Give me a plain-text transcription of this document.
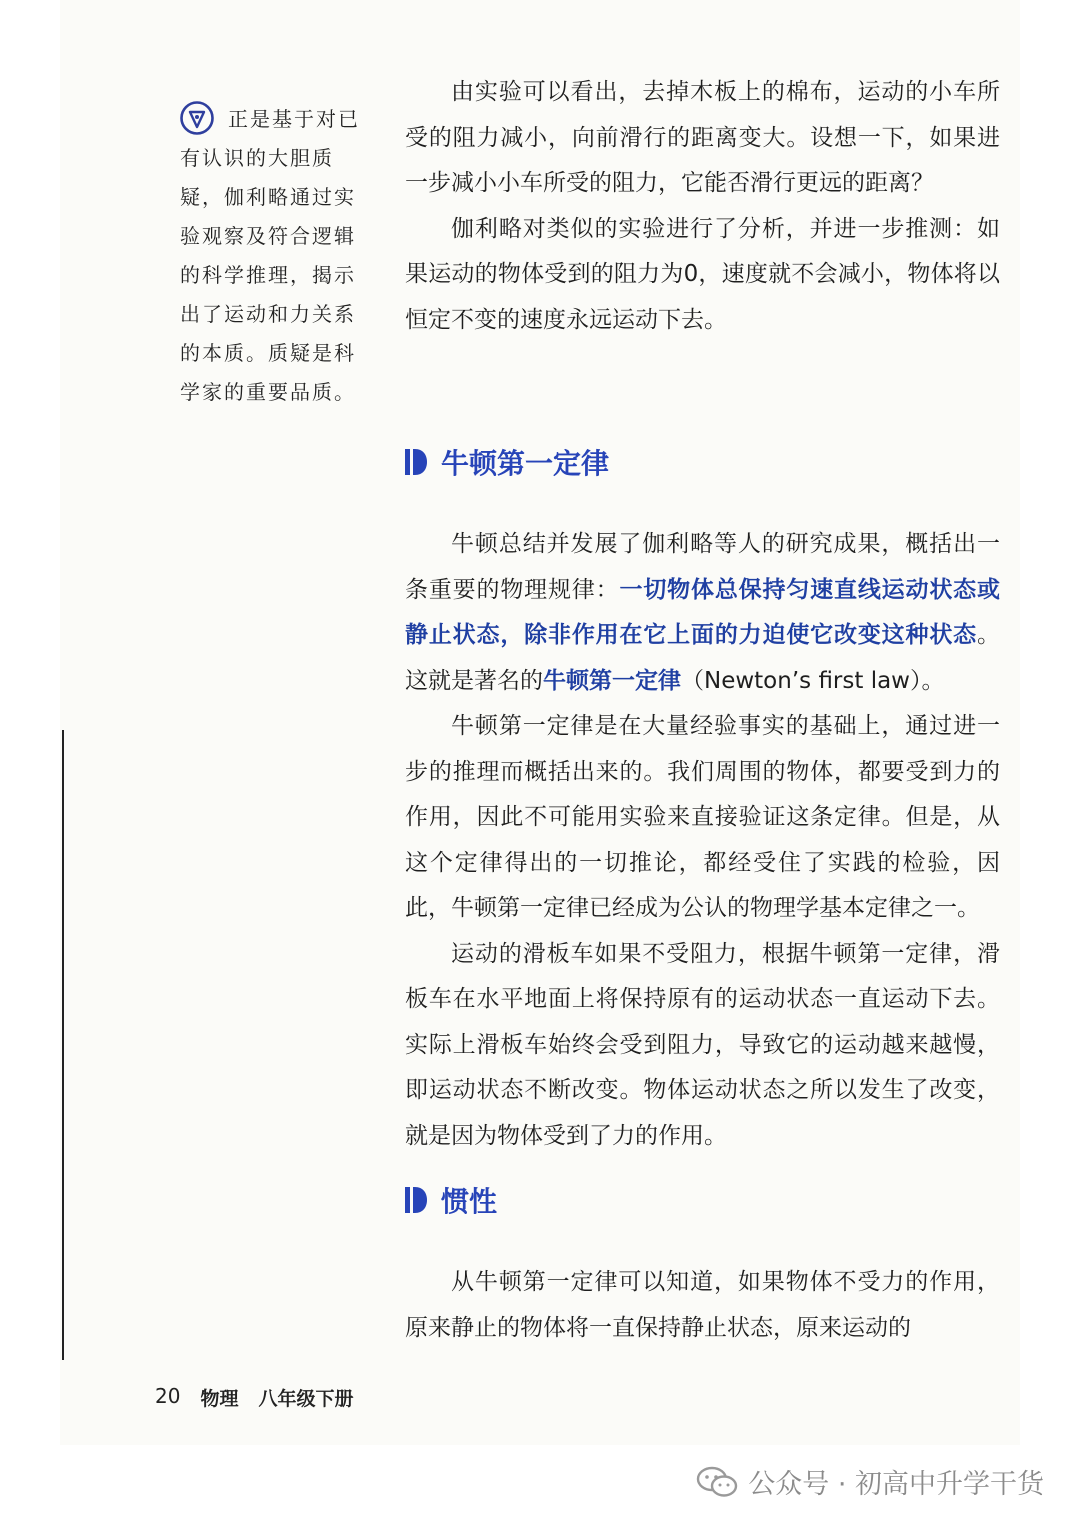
正是基于对已有认识的大胆质疑，伽利略通过实验观察及符合逻辑的科学推理，揭示出了运动和力关系的本质。质疑是科学家的重要品质。

由实验可以看出，去掉木板上的棉布，运动的小车所受的阻力减小，向前滑行的距离变大。设想一下，如果进一步减小小车所受的阻力，它能否滑行更远的距离？

伽利略对类似的实验进行了分析，并进一步推测：如果运动的物体受到的阻力为0，速度就不会减小，物体将以恒定不变的速度永远运动下去。

牛顿第一定律

牛顿总结并发展了伽利略等人的研究成果，概括出一条重要的物理规律：一切物体总保持匀速直线运动状态或静止状态，除非作用在它上面的力迫使它改变这种状态。这就是著名的牛顿第一定律（Newton’s first law）。

牛顿第一定律是在大量经验事实的基础上，通过进一步的推理而概括出来的。我们周围的物体，都要受到力的作用，因此不可能用实验来直接验证这条定律。但是，从这个定律得出的一切推论，都经受住了实践的检验，因此，牛顿第一定律已经成为公认的物理学基本定律之一。

运动的滑板车如果不受阻力，根据牛顿第一定律，滑板车在水平地面上将保持原有的运动状态一直运动下去。实际上滑板车始终会受到阻力，导致它的运动越来越慢，即运动状态不断改变。物体运动状态之所以发生了改变，就是因为物体受到了力的作用。

惯性

从牛顿第一定律可以知道，如果物体不受力的作用，原来静止的物体将一直保持静止状态，原来运动的

20 物理 八年级下册
公众号 · 初高中升学干货
